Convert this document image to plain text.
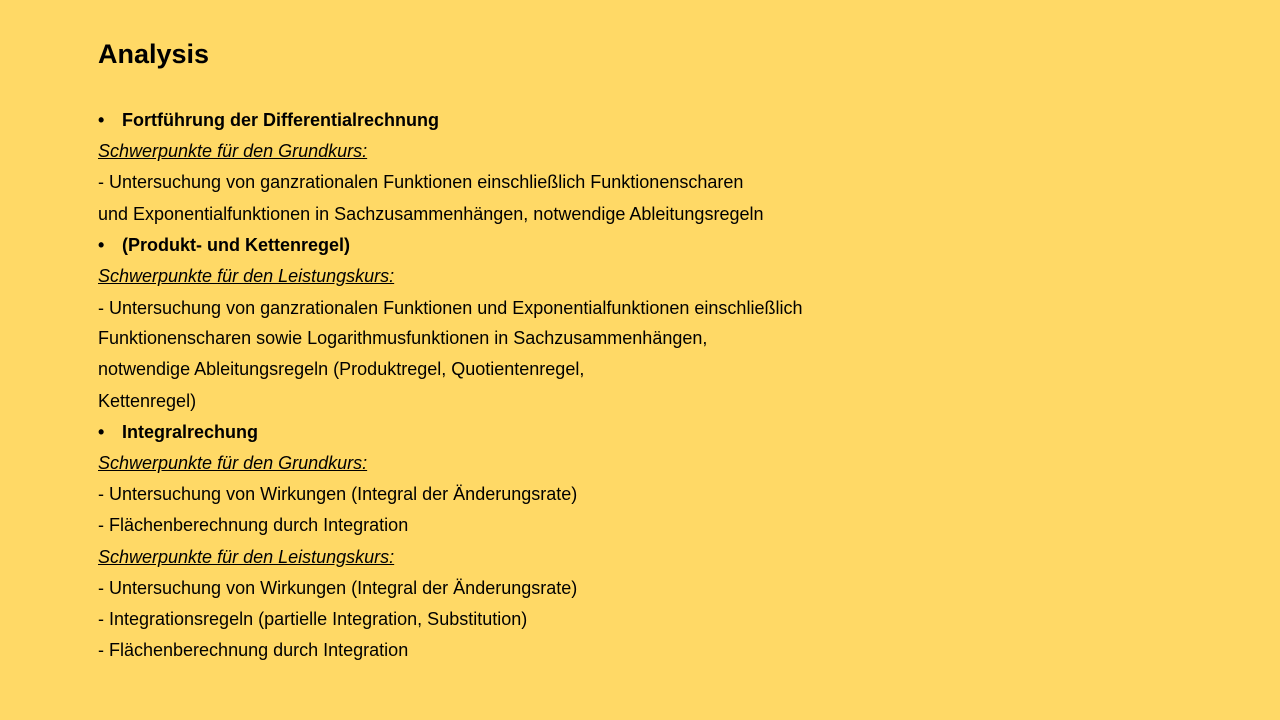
Analysis
• Fortführung der Differentialrechnung
Schwerpunkte für den Grundkurs:
- Untersuchung von ganzrationalen Funktionen einschließlich Funktionenscharen
und Exponentialfunktionen in Sachzusammenhängen, notwendige Ableitungsregeln
• (Produkt- und Kettenregel)
Schwerpunkte für den Leistungskurs:
- Untersuchung von ganzrationalen Funktionen und Exponentialfunktionen einschließlich
Funktionenscharen sowie Logarithmusfunktionen in Sachzusammenhängen,
notwendige Ableitungsregeln (Produktregel, Quotientenregel,
Kettenregel)
• Integralrechung
Schwerpunkte für den Grundkurs:
- Untersuchung von Wirkungen (Integral der Änderungsrate)
- Flächenberechnung durch Integration
Schwerpunkte für den Leistungskurs:
- Untersuchung von Wirkungen (Integral der Änderungsrate)
- Integrationsregeln (partielle Integration, Substitution)
- Flächenberechnung durch Integration
